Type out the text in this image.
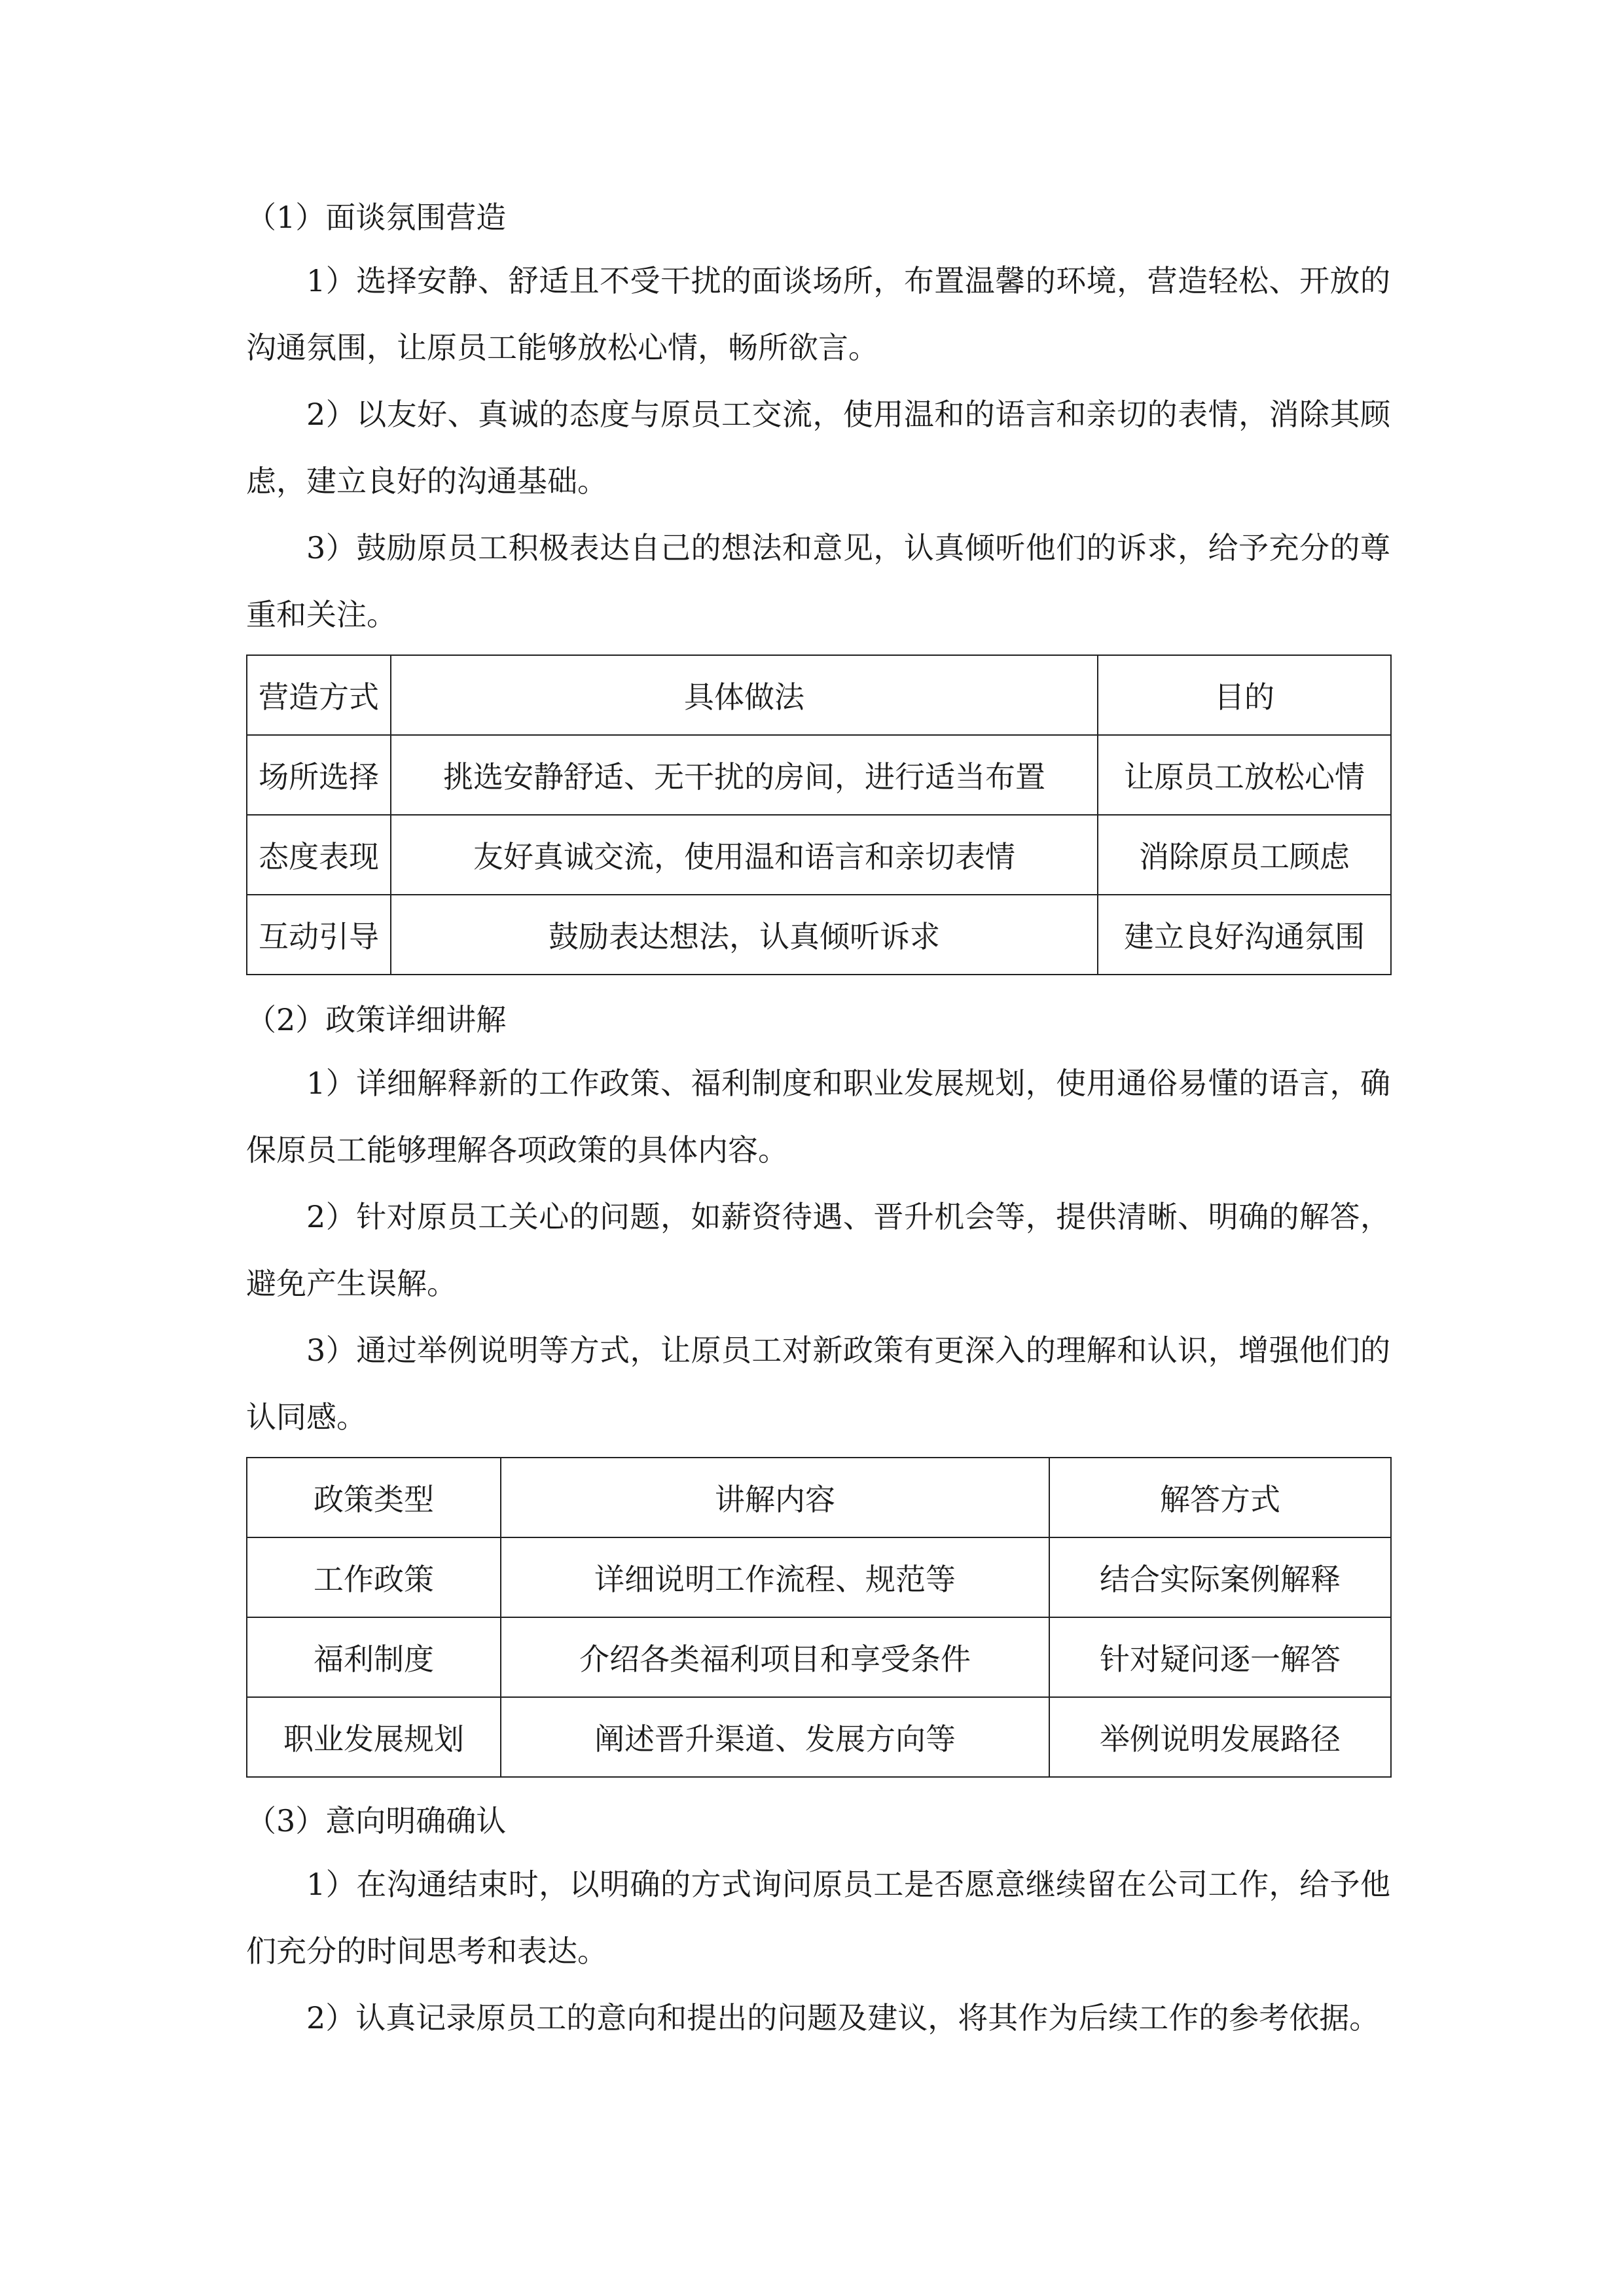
（1）面谈氛围营造

1）选择安静、舒适且不受干扰的面谈场所，布置温馨的环境，营造轻松、开放的沟通氛围，让原员工能够放松心情，畅所欲言。

2）以友好、真诚的态度与原员工交流，使用温和的语言和亲切的表情，消除其顾虑，建立良好的沟通基础。

3）鼓励原员工积极表达自己的想法和意见，认真倾听他们的诉求，给予充分的尊重和关注。

营造方式	具体做法	目的
场所选择	挑选安静舒适、无干扰的房间，进行适当布置	让原员工放松心情
态度表现	友好真诚交流，使用温和语言和亲切表情	消除原员工顾虑
互动引导	鼓励表达想法，认真倾听诉求	建立良好沟通氛围
（2）政策详细讲解

1）详细解释新的工作政策、福利制度和职业发展规划，使用通俗易懂的语言，确保原员工能够理解各项政策的具体内容。

2）针对原员工关心的问题，如薪资待遇、晋升机会等，提供清晰、明确的解答，避免产生误解。

3）通过举例说明等方式，让原员工对新政策有更深入的理解和认识，增强他们的认同感。

政策类型	讲解内容	解答方式
工作政策	详细说明工作流程、规范等	结合实际案例解释
福利制度	介绍各类福利项目和享受条件	针对疑问逐一解答
职业发展规划	阐述晋升渠道、发展方向等	举例说明发展路径
（3）意向明确确认

1）在沟通结束时，以明确的方式询问原员工是否愿意继续留在公司工作，给予他们充分的时间思考和表达。

2）认真记录原员工的意向和提出的问题及建议，将其作为后续工作的参考依据。
